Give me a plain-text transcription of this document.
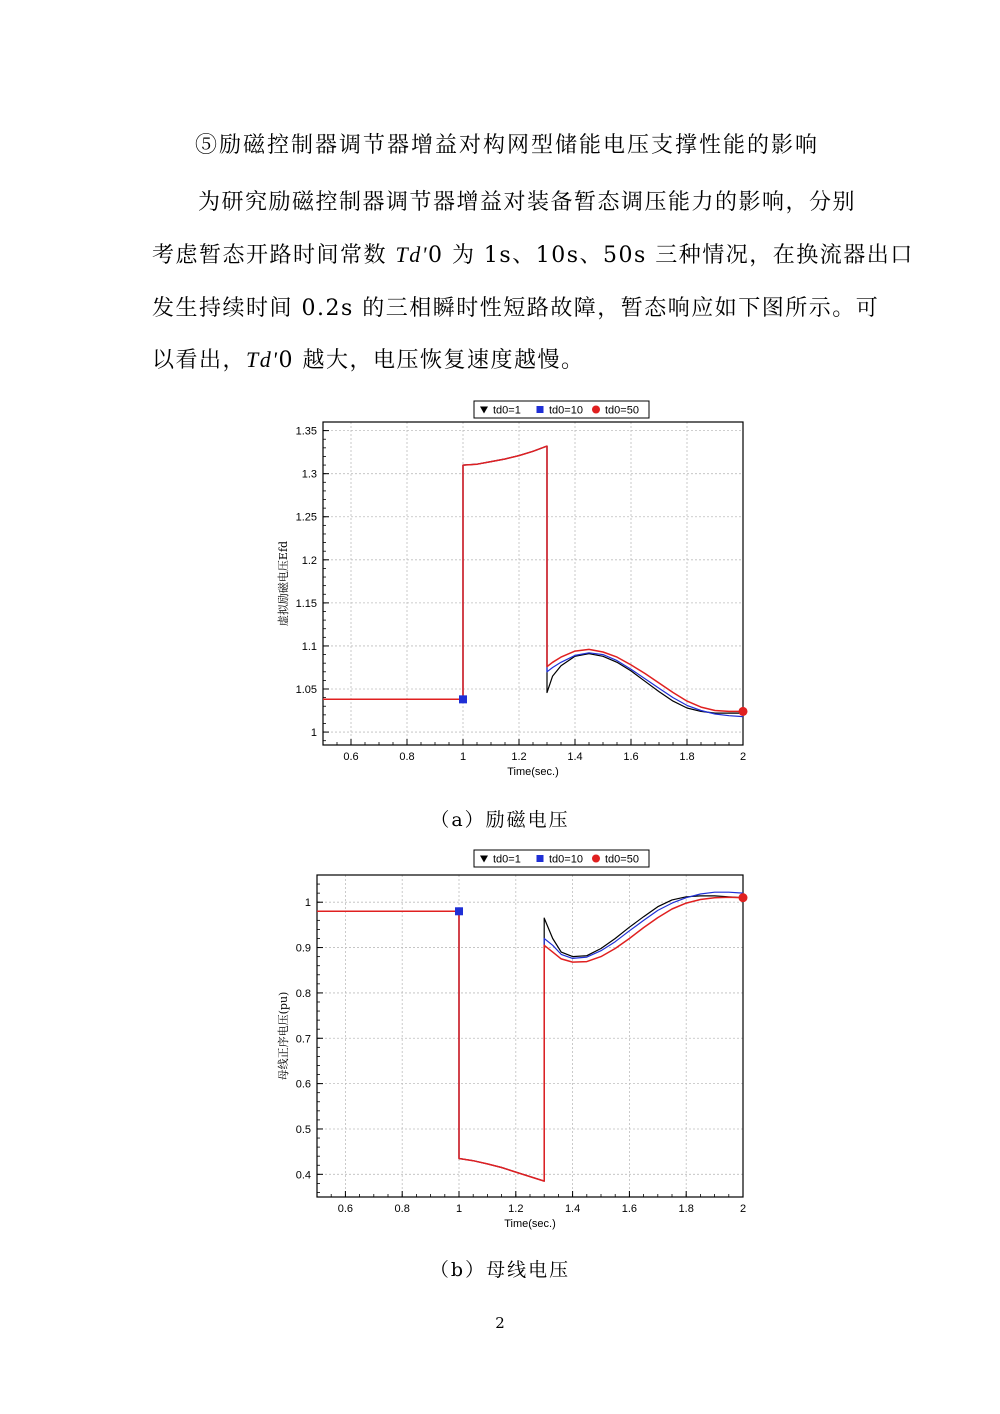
⑤励磁控制器调节器增益对构网型储能电压支撑性能的影响
为研究励磁控制器调节器增益对装备暂态调压能力的影响，分别
考虑暂态开路时间常数 Td'0 为 1s、10s、50s 三种情况，在换流器出口
发生持续时间 0.2s 的三相瞬时性短路故障，暂态响应如下图所示。可
以看出，Td'0 越大，电压恢复速度越慢。
0.6	0.8	1	1.2	1.4	1.6	1.8	2
1
1.05
1.1
1.15
1.2
1.25
1.3
1.35
Time(sec.)
虚拟励磁电压Efd
td0=1	td0=10 td0=50
（a）励磁电压
0.6	0.8	1	1.2	1.4	1.6	1.8	2
0.4
0.5
0.6
0.7
0.8
0.9
1
Time(sec.)
母线正序电压(pu)
td0=1	td0=10 td0=50
（b）母线电压
2
